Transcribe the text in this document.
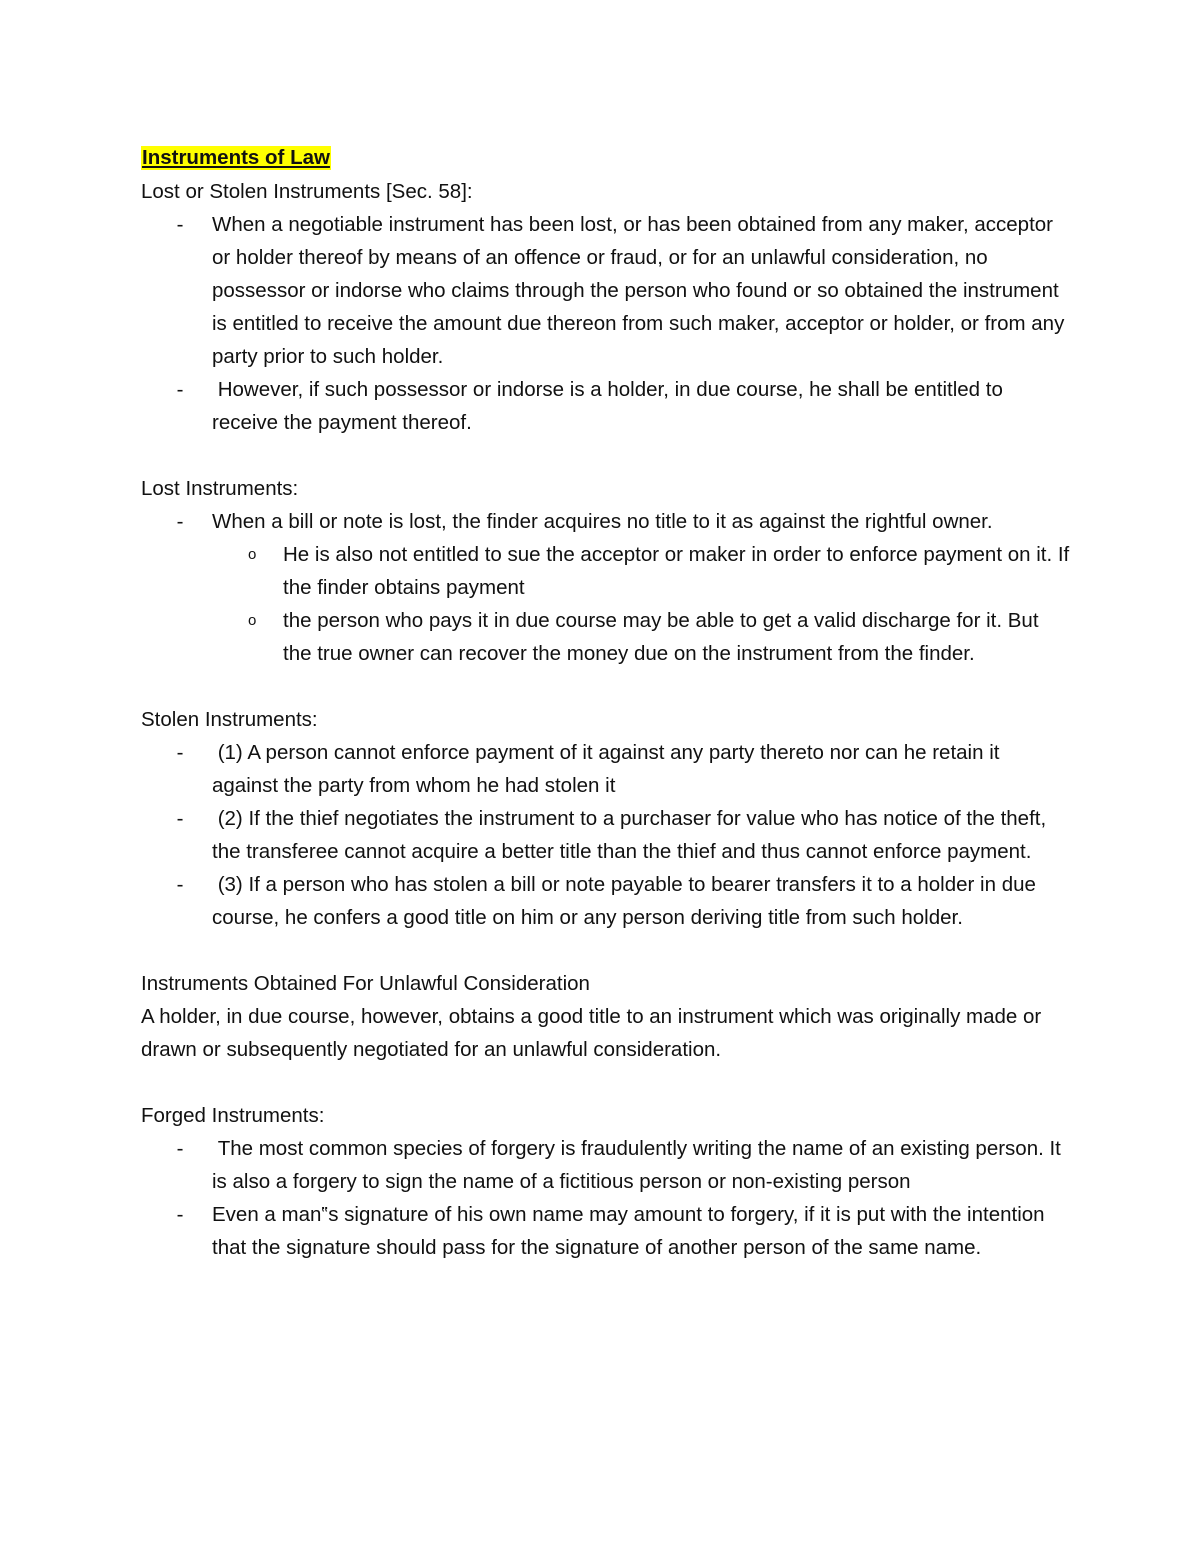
Instruments of Law

Lost or Stolen Instruments [Sec. 58]:

- When a negotiable instrument has been lost, or has been obtained from any maker, acceptor or holder thereof by means of an offence or fraud, or for an unlawful consideration, no possessor or indorse who claims through the person who found or so obtained the instrument is entitled to receive the amount due thereon from such maker, acceptor or holder, or from any party prior to such holder.
- However, if such possessor or indorse is a holder, in due course, he shall be entitled to receive the payment thereof.

Lost Instruments:

- When a bill or note is lost, the finder acquires no title to it as against the rightful owner.
o He is also not entitled to sue the acceptor or maker in order to enforce payment on it. If the finder obtains payment
o the person who pays it in due course may be able to get a valid discharge for it. But the true owner can recover the money due on the instrument from the finder.

Stolen Instruments:

- (1) A person cannot enforce payment of it against any party thereto nor can he retain it against the party from whom he had stolen it
- (2) If the thief negotiates the instrument to a purchaser for value who has notice of the theft, the transferee cannot acquire a better title than the thief and thus cannot enforce payment.
- (3) If a person who has stolen a bill or note payable to bearer transfers it to a holder in due course, he confers a good title on him or any person deriving title from such holder.

Instruments Obtained For Unlawful Consideration

A holder, in due course, however, obtains a good title to an instrument which was originally made or drawn or subsequently negotiated for an unlawful consideration.

Forged Instruments:

- The most common species of forgery is fraudulently writing the name of an existing person. It is also a forgery to sign the name of a fictitious person or non-existing person
- Even a man‟s signature of his own name may amount to forgery, if it is put with the intention that the signature should pass for the signature of another person of the same name.
